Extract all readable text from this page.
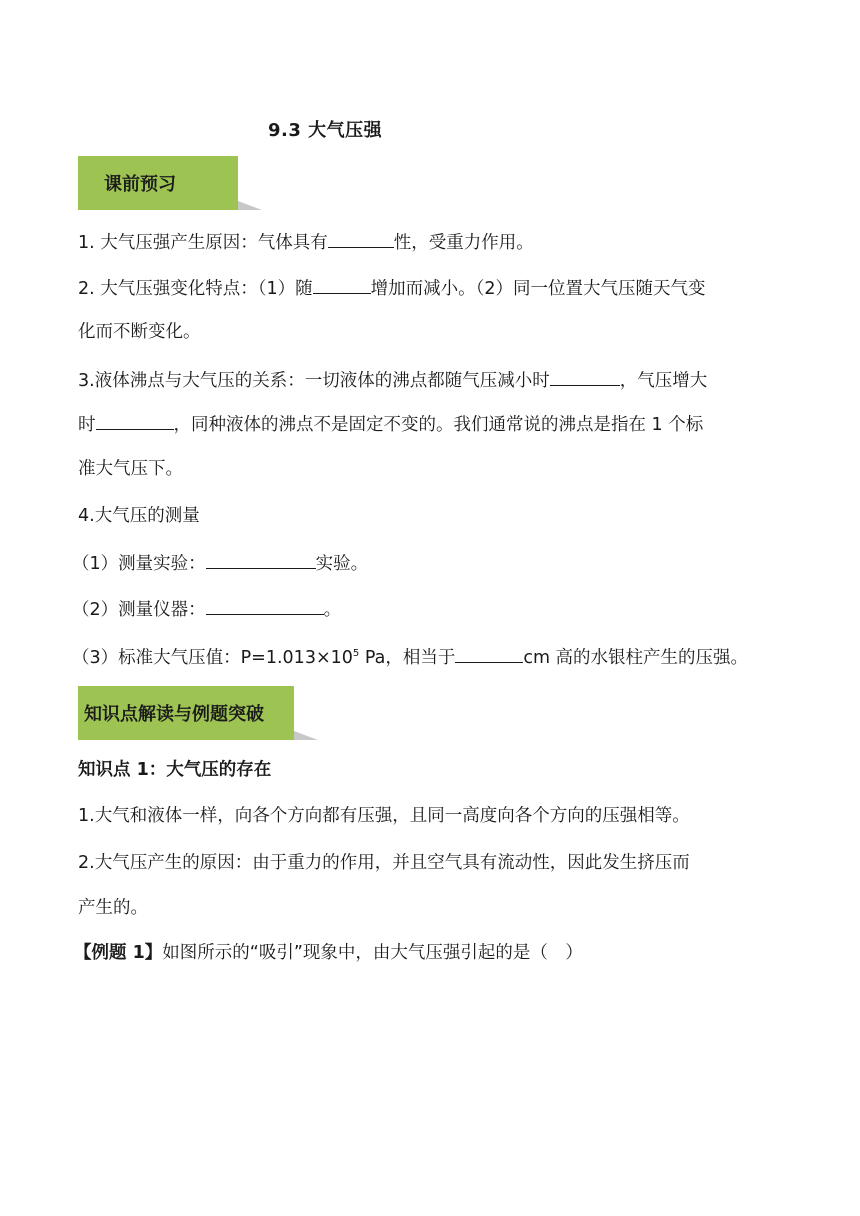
9.3 大气压强
课前预习
1. 大气压强产生原因：气体具有	性，受重力作用。
2. 大气压强变化特点：（1）随	增加而减小。（2）同一位置大气压随天气变
化而不断变化。
3.液体沸点与大气压的关系：一切液体的沸点都随气压减小时	，气压增大
时	，同种液体的沸点不是固定不变的。我们通常说的沸点是指在 1 个标
准大气压下。
4.大气压的测量
（1）测量实验：	实验。
（2）测量仪器：	。
（3）标准大气压值：$P=1.013\times 10^5$ Pa，相当于	cm 高的水银柱产生的压强。
知识点解读与例题突破
知识点 1：大气压的存在
1.大气和液体一样，向各个方向都有压强，且同一高度向各个方向的压强相等。
2.大气压产生的原因：由于重力的作用，并且空气具有流动性，因此发生挤压而
产生的。
【例题 1】如图所示的“吸引”现象中，由大气压强引起的是（　）
